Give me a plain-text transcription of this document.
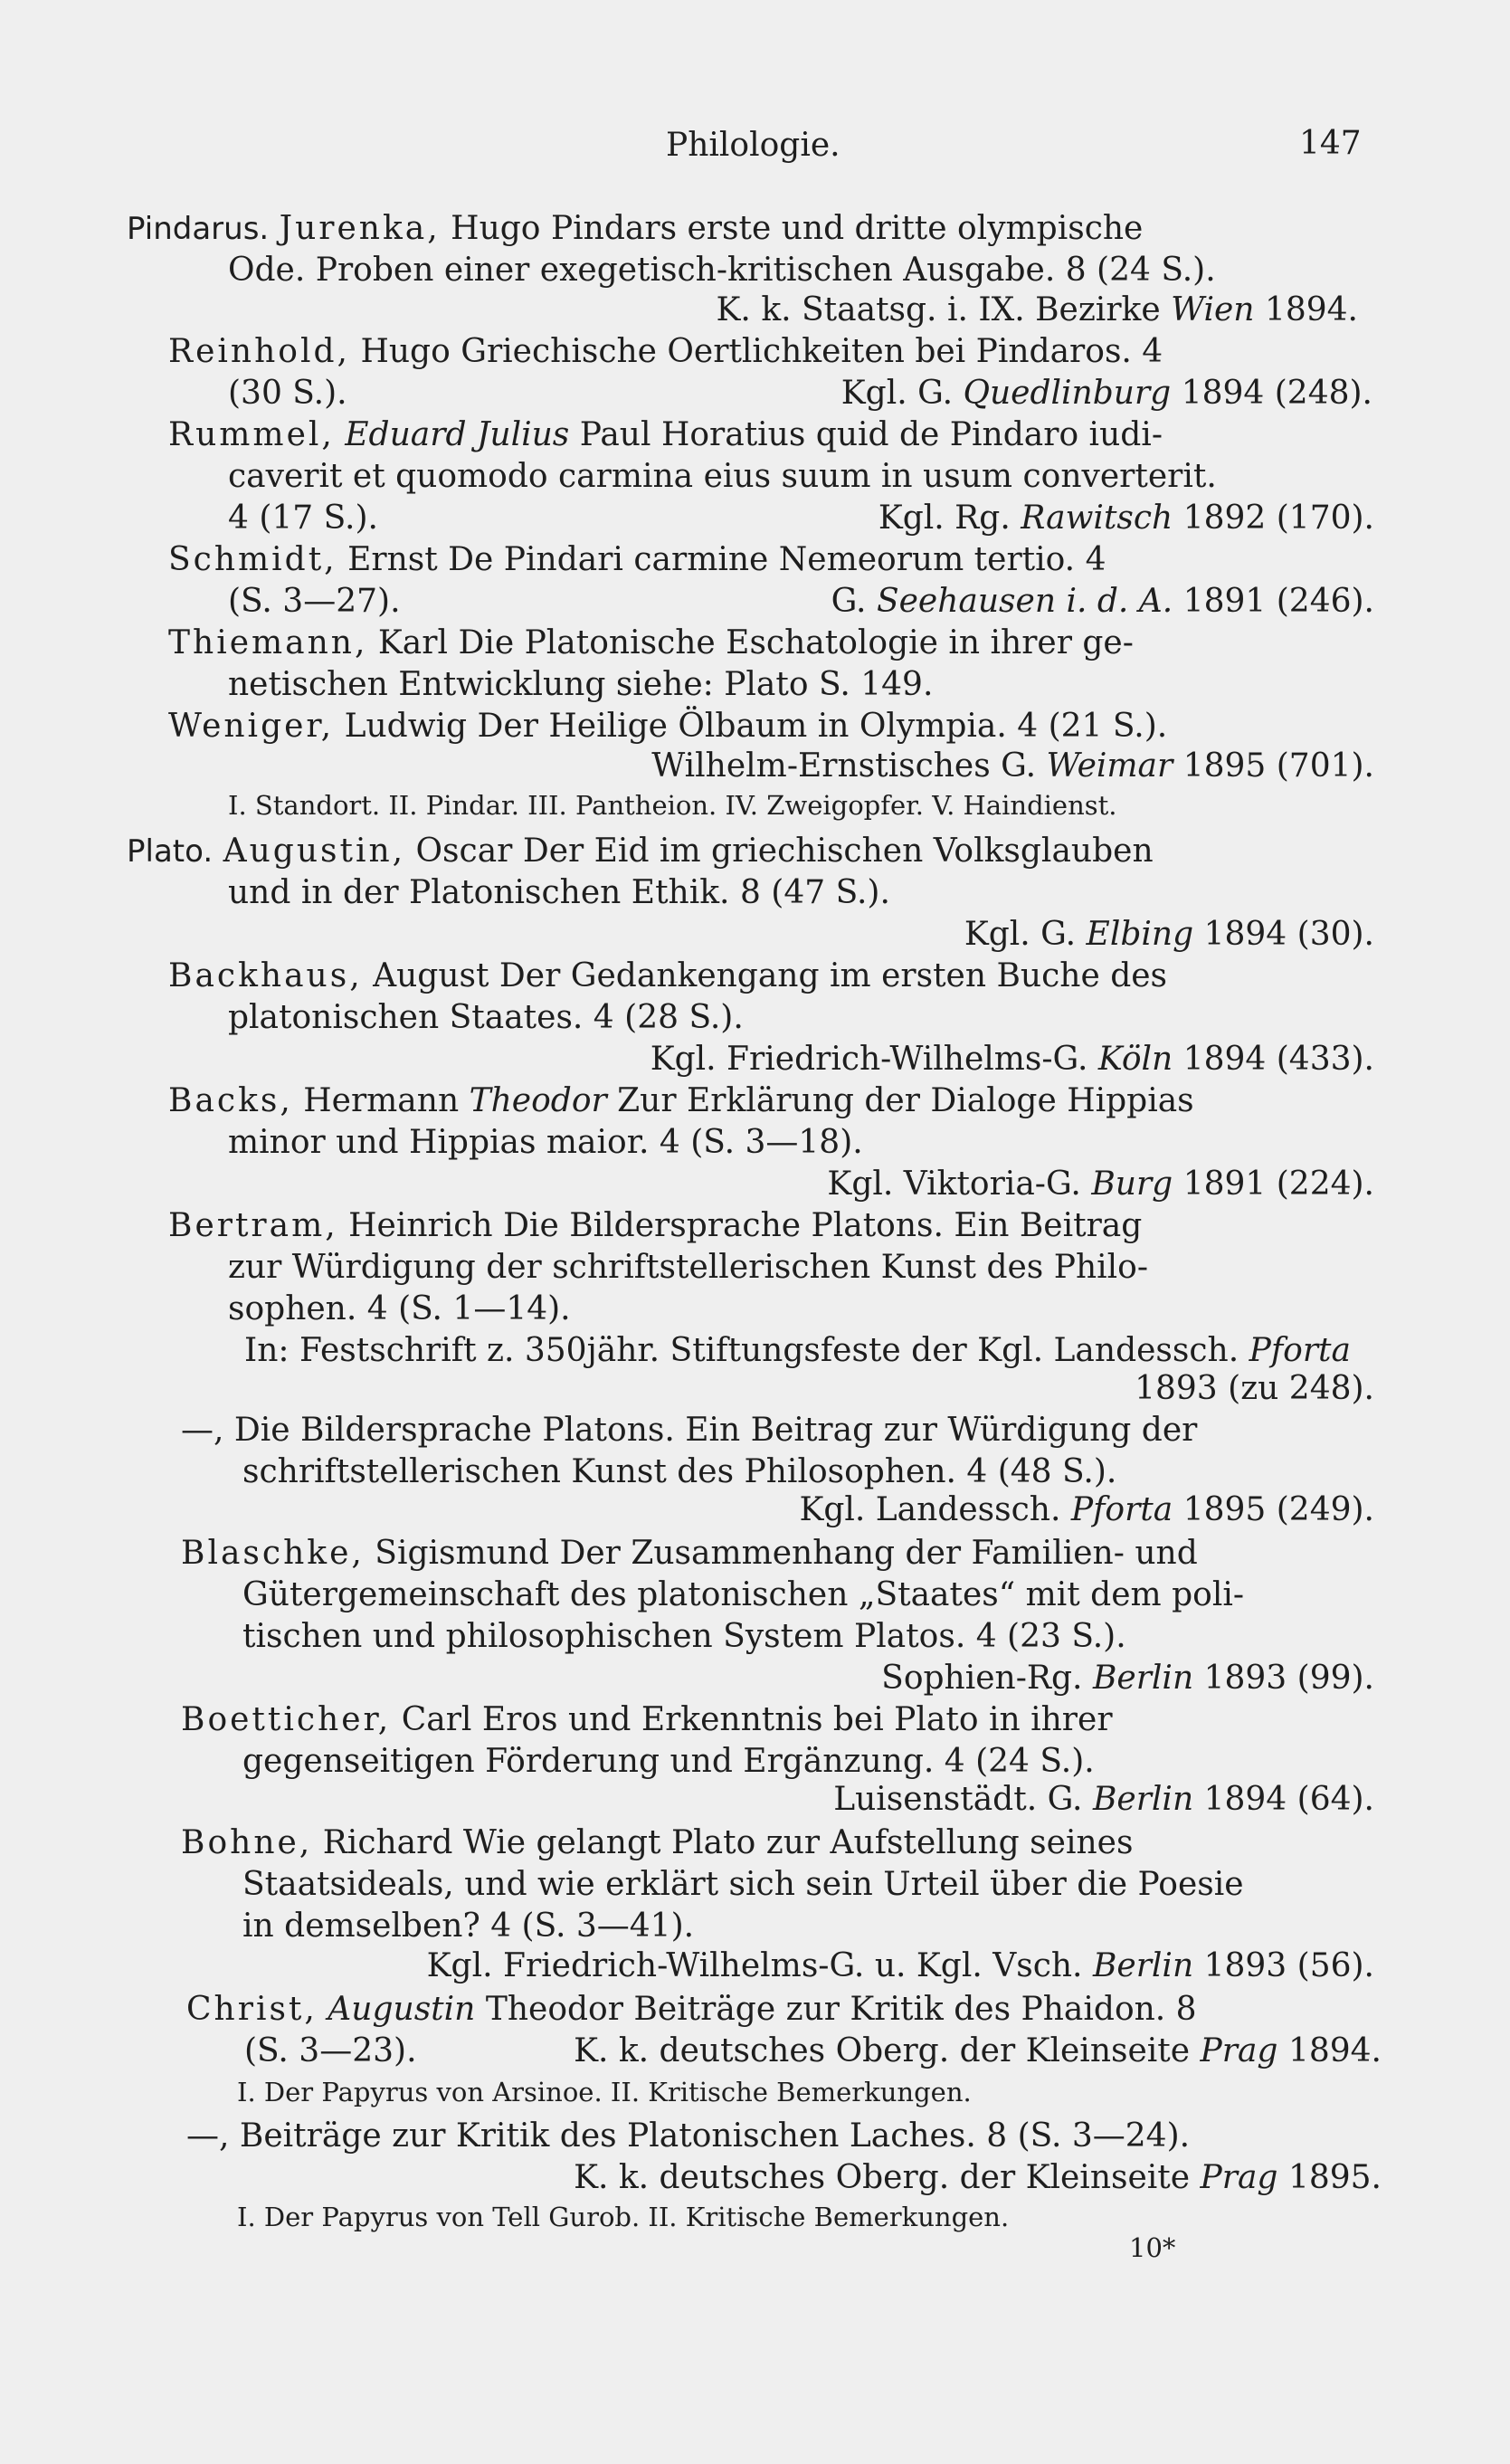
Philologie.	147
Pindarus. Jurenka, Hugo Pindars erste und dritte olympische
Ode. Proben einer exegetisch-kritischen Ausgabe. 8 (24 S.).
K. k. Staatsg. i. IX. Bezirke Wien 1894.
Reinhold, Hugo Griechische Oertlichkeiten bei Pindaros. 4
(30 S.).	Kgl. G. Quedlinburg 1894 (248).
Rummel, Eduard Julius Paul Horatius quid de Pindaro iudi-
caverit et quomodo carmina eius suum in usum converterit.
4 (17 S.).	Kgl. Rg. Rawitsch 1892 (170).
Schmidt, Ernst De Pindari carmine Nemeorum tertio. 4
(S. 3—27).	G. Seehausen i. d. A. 1891 (246).
Thiemann, Karl Die Platonische Eschatologie in ihrer ge-
netischen Entwicklung siehe: Plato S. 149.
Weniger, Ludwig Der Heilige Ölbaum in Olympia. 4 (21 S.).
Wilhelm-Ernstisches G. Weimar 1895 (701).
I. Standort. II. Pindar. III. Pantheion. IV. Zweigopfer. V. Haindienst.
Plato. Augustin, Oscar Der Eid im griechischen Volksglauben
und in der Platonischen Ethik. 8 (47 S.).
Kgl. G. Elbing 1894 (30).
Backhaus, August Der Gedankengang im ersten Buche des
platonischen Staates. 4 (28 S.).
Kgl. Friedrich-Wilhelms-G. Köln 1894 (433).
Backs, Hermann Theodor Zur Erklärung der Dialoge Hippias
minor und Hippias maior. 4 (S. 3—18).
Kgl. Viktoria-G. Burg 1891 (224).
Bertram, Heinrich Die Bildersprache Platons. Ein Beitrag
zur Würdigung der schriftstellerischen Kunst des Philo-
sophen. 4 (S. 1—14).
In: Festschrift z. 350jähr. Stiftungsfeste der Kgl. Landessch. Pforta
1893 (zu 248).
—, Die Bildersprache Platons. Ein Beitrag zur Würdigung der
schriftstellerischen Kunst des Philosophen. 4 (48 S.).
Kgl. Landessch. Pforta 1895 (249).
Blaschke, Sigismund Der Zusammenhang der Familien- und
Gütergemeinschaft des platonischen „Staates“ mit dem poli-
tischen und philosophischen System Platos. 4 (23 S.).
Sophien-Rg. Berlin 1893 (99).
Boetticher, Carl Eros und Erkenntnis bei Plato in ihrer
gegenseitigen Förderung und Ergänzung. 4 (24 S.).
Luisenstädt. G. Berlin 1894 (64).
Bohne, Richard Wie gelangt Plato zur Aufstellung seines
Staatsideals, und wie erklärt sich sein Urteil über die Poesie
in demselben? 4 (S. 3—41).
Kgl. Friedrich-Wilhelms-G. u. Kgl. Vsch. Berlin 1893 (56).
Christ, Augustin Theodor Beiträge zur Kritik des Phaidon. 8
(S. 3—23).	K. k. deutsches Oberg. der Kleinseite Prag 1894.
I. Der Papyrus von Arsinoe. II. Kritische Bemerkungen.
—, Beiträge zur Kritik des Platonischen Laches. 8 (S. 3—24).
K. k. deutsches Oberg. der Kleinseite Prag 1895.
I. Der Papyrus von Tell Gurob. II. Kritische Bemerkungen.
10*
